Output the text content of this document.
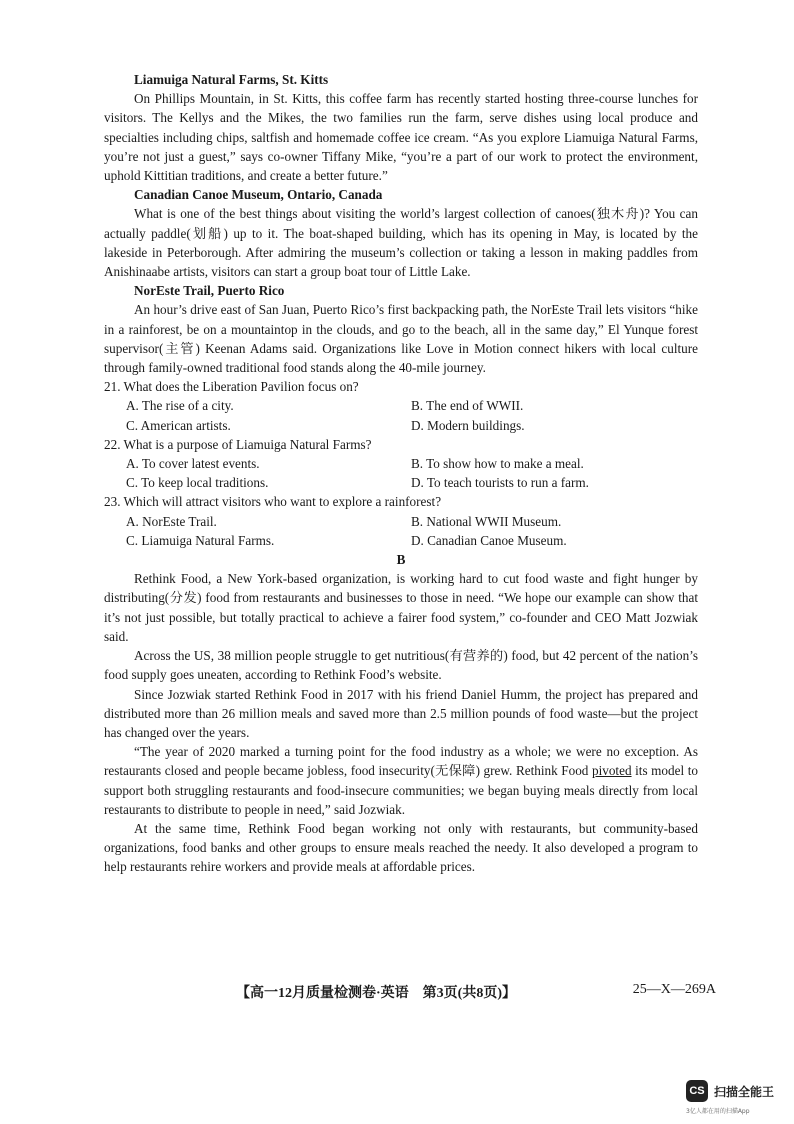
Liamuiga Natural Farms, St. Kitts

On Phillips Mountain, in St. Kitts, this coffee farm has recently started hosting three-course lunches for visitors. The Kellys and the Mikes, the two families run the farm, serve dishes using local produce and specialties including chips, saltfish and homemade coffee ice cream. “As you explore Liamuiga Natural Farms, you’re not just a guest,” says co-owner Tiffany Mike, “you’re a part of our work to protect the environment, uphold Kittitian traditions, and create a better future.”

Canadian Canoe Museum, Ontario, Canada

What is one of the best things about visiting the world’s largest collection of canoes(独木舟)? You can actually paddle(划船) up to it. The boat-shaped building, which has its opening in May, is located by the lakeside in Peterborough. After admiring the museum’s collection or taking a lesson in making paddles from Anishinaabe artists, visitors can start a group boat tour of Little Lake.

NorEste Trail, Puerto Rico

An hour’s drive east of San Juan, Puerto Rico’s first backpacking path, the NorEste Trail lets visitors “hike in a rainforest, be on a mountaintop in the clouds, and go to the beach, all in the same day,” El Yunque forest supervisor(主管) Keenan Adams said. Organizations like Love in Motion connect hikers with local culture through family-owned traditional food stands along the 40-mile journey.

21. What does the Liberation Pavilion focus on?

A. The rise of a city.	B. The end of WWII.
C. American artists.	D. Modern buildings.

22. What is a purpose of Liamuiga Natural Farms?

A. To cover latest events.	B. To show how to make a meal.
C. To keep local traditions.	D. To teach tourists to run a farm.

23. Which will attract visitors who want to explore a rainforest?

A. NorEste Trail.	B. National WWII Museum.
C. Liamuiga Natural Farms.	D. Canadian Canoe Museum.
B

Rethink Food, a New York-based organization, is working hard to cut food waste and fight hunger by distributing(分发) food from restaurants and businesses to those in need. “We hope our example can show that it’s not just possible, but totally practical to achieve a fairer food system,” co-founder and CEO Matt Jozwiak said.

Across the US, 38 million people struggle to get nutritious(有营养的) food, but 42 percent of the nation’s food supply goes uneaten, according to Rethink Food’s website.

Since Jozwiak started Rethink Food in 2017 with his friend Daniel Humm, the project has prepared and distributed more than 26 million meals and saved more than 2.5 million pounds of food waste—but the project has changed over the years.

“The year of 2020 marked a turning point for the food industry as a whole; we were no exception. As restaurants closed and people became jobless, food insecurity(无保障) grew. Rethink Food pivoted its model to support both struggling restaurants and food-insecure communities; we began buying meals directly from local restaurants to distribute to people in need,” said Jozwiak.

At the same time, Rethink Food began working not only with restaurants, but community-based organizations, food banks and other groups to ensure meals reached the needy. It also developed a program to help restaurants rehire workers and provide meals at affordable prices.

【高一12月质量检测卷·英语　第3页(共8页)】	25—X—269A
CS 扫描全能王
3亿人都在用的扫描App
